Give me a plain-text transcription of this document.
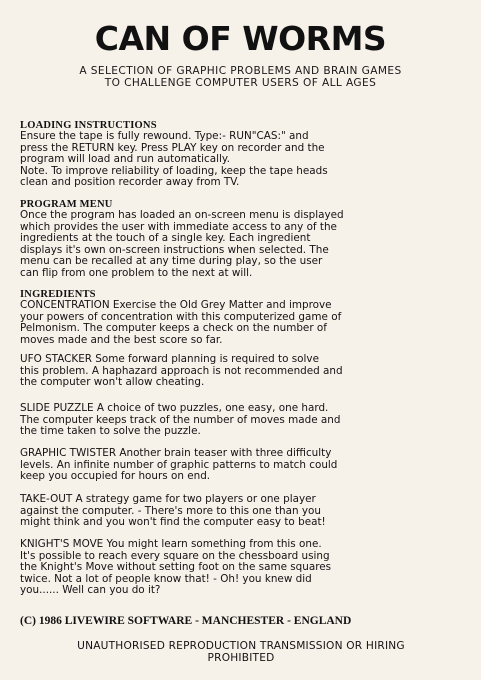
CAN OF WORMS
A SELECTION OF GRAPHIC PROBLEMS AND BRAIN GAMES
TO CHALLENGE COMPUTER USERS OF ALL AGES
LOADING INSTRUCTIONS
Ensure the tape is fully rewound. Type:- RUN"CAS:" and
press the RETURN key. Press PLAY key on recorder and the
program will load and run automatically.
Note. To improve reliability of loading, keep the tape heads
clean and position recorder away from TV.
PROGRAM MENU
Once the program has loaded an on-screen menu is displayed
which provides the user with immediate access to any of the
ingredients at the touch of a single key. Each ingredient
displays it's own on-screen instructions when selected. The
menu can be recalled at any time during play, so the user
can flip from one problem to the next at will.
INGREDIENTS
CONCENTRATION Exercise the Old Grey Matter and improve
your powers of concentration with this computerized game of
Pelmonism. The computer keeps a check on the number of
moves made and the best score so far.
UFO STACKER Some forward planning is required to solve
this problem. A haphazard approach is not recommended and
the computer won't allow cheating.
SLIDE PUZZLE A choice of two puzzles, one easy, one hard.
The computer keeps track of the number of moves made and
the time taken to solve the puzzle.
GRAPHIC TWISTER Another brain teaser with three difficulty
levels. An infinite number of graphic patterns to match could
keep you occupied for hours on end.
TAKE-OUT A strategy game for two players or one player
against the computer. - There's more to this one than you
might think and you won't find the computer easy to beat!
KNIGHT'S MOVE You might learn something from this one.
It's possible to reach every square on the chessboard using
the Knight's Move without setting foot on the same squares
twice. Not a lot of people know that! - Oh! you knew did
you...... Well can you do it?
(C) 1986 LIVEWIRE SOFTWARE - MANCHESTER - ENGLAND
UNAUTHORISED REPRODUCTION TRANSMISSION OR HIRING
PROHIBITED
